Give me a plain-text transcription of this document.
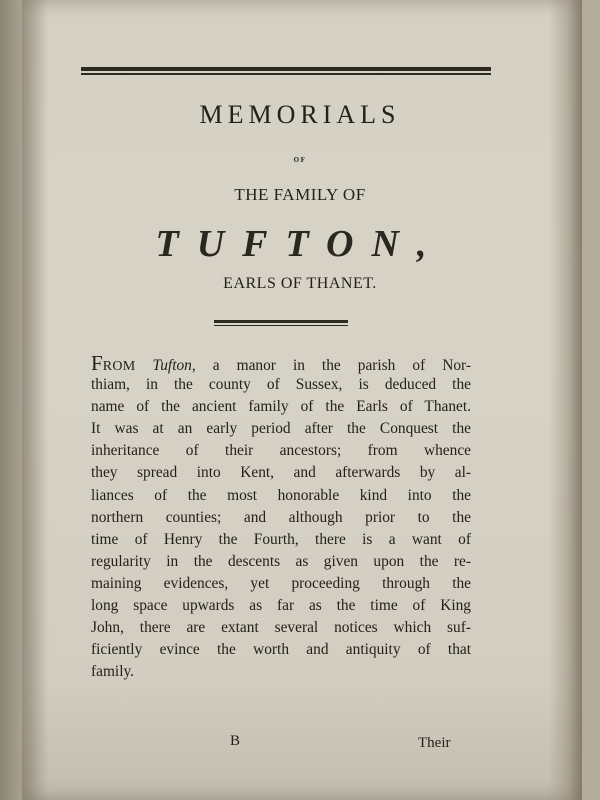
MEMORIALS
OF
THE FAMILY OF
TUFTON,
EARLS OF THANET.
FROM Tufton, a manor in the parish of Nor-
thiam, in the county of Sussex, is deduced the
name of the ancient family of the Earls of Thanet.
It was at an early period after the Conquest the
inheritance of their ancestors; from whence
they spread into Kent, and afterwards by al-
liances of the most honorable kind into the
northern counties; and although prior to the
time of Henry the Fourth, there is a want of
regularity in the descents as given upon the re-
maining evidences, yet proceeding through the
long space upwards as far as the time of King
John, there are extant several notices which suf-
ficiently evince the worth and antiquity of that
family.
B	Their
